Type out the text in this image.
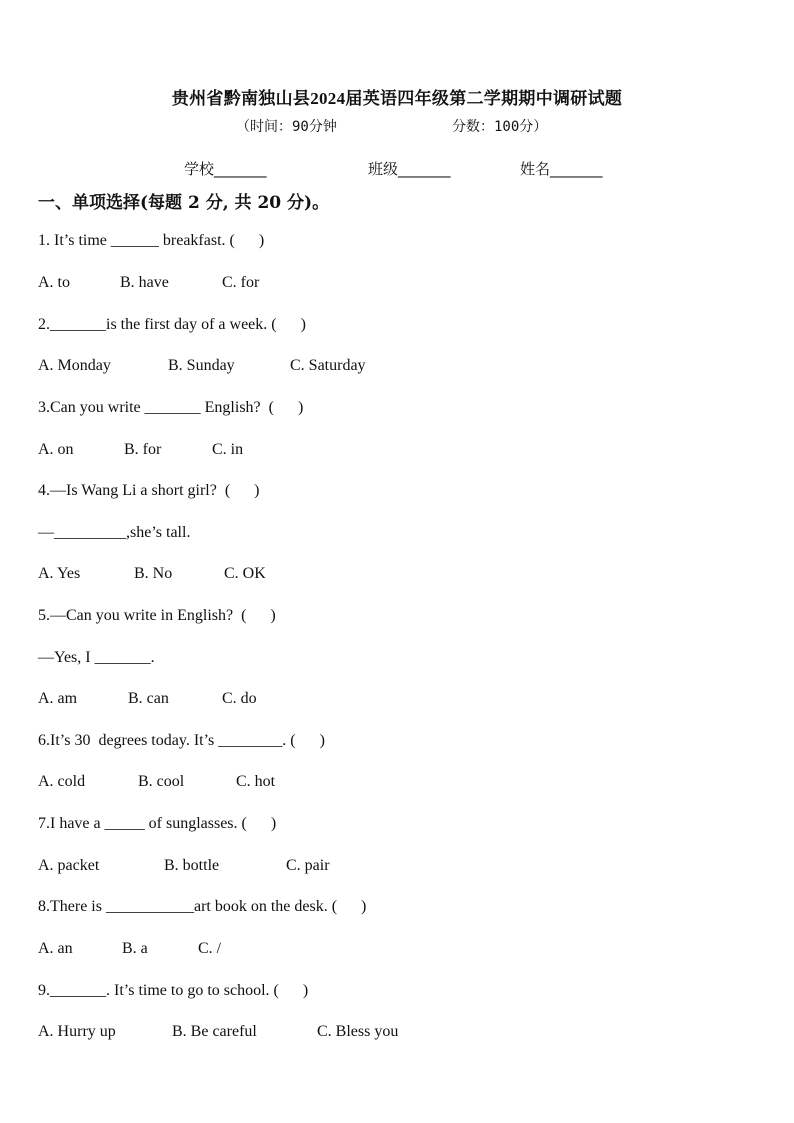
贵州省黔南独山县2024届英语四年级第二学期期中调研试题
（时间：90分钟	分数：100分）
学校_______	班级_______	姓名_______
一、单项选择(每题 2 分, 共 20 分)。
1. It’s time ______ breakfast. (      )
A. to	B. have	C. for
2._______is the first day of a week. (      )
A. Monday	B. Sunday	C. Saturday
3.Can you write _______ English?  (      )
A. on	B. for	C. in
4.—Is Wang Li a short girl?  (      )
—_________,she’s tall.
A. Yes	B. No	C. OK
5.—Can you write in English?  (      )
—Yes, I _______.
A. am	B. can	C. do
6.It’s 30  degrees today. It’s ________. (      )
A. cold	B. cool	C. hot
7.I have a _____ of sunglasses. (      )
A. packet	B. bottle	C. pair
8.There is ___________art book on the desk. (      )
A. an	B. a	C. /
9._______. It’s time to go to school. (      )
A. Hurry up	B. Be careful	C. Bless you
